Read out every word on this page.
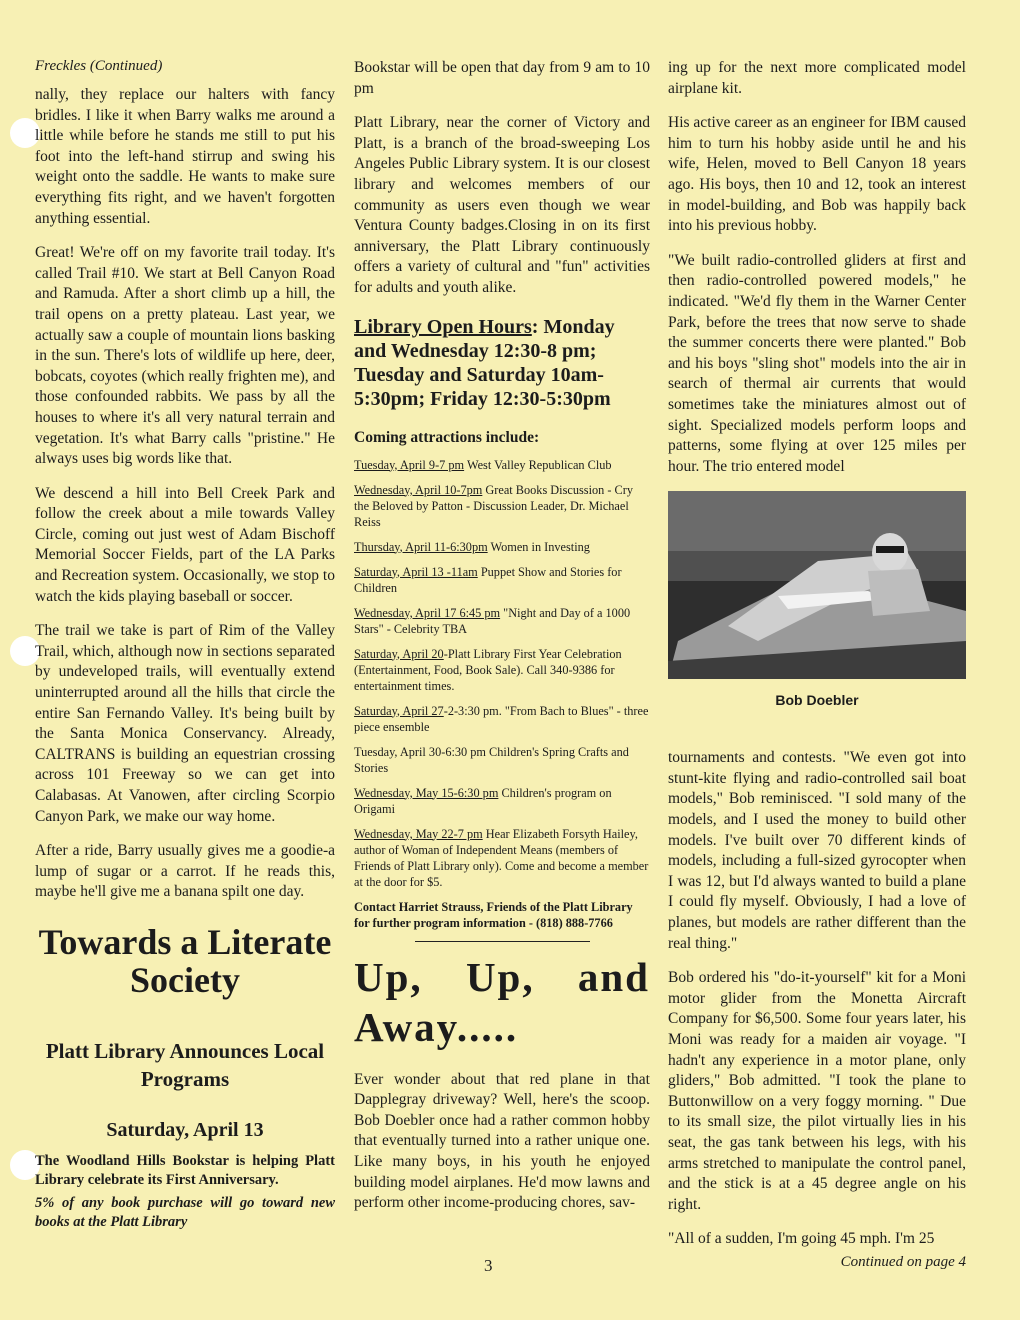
Freckles (Continued)

nally, they replace our halters with fancy bridles. I like it when Barry walks me around a little while before he stands me still to put his foot into the left-hand stirrup and swing his weight onto the saddle. He wants to make sure everything fits right, and we haven't forgotten anything essential.

Great! We're off on my favorite trail today. It's called Trail #10. We start at Bell Canyon Road and Ramuda. After a short climb up a hill, the trail opens on a pretty plateau. Last year, we actually saw a couple of mountain lions basking in the sun. There's lots of wildlife up here, deer, bobcats, coyotes (which really frighten me), and those confounded rabbits. We pass by all the houses to where it's all very natural terrain and vegetation. It's what Barry calls "pristine." He always uses big words like that.

We descend a hill into Bell Creek Park and follow the creek about a mile towards Valley Circle, coming out just west of Adam Bischoff Memorial Soccer Fields, part of the LA Parks and Recreation system. Occasionally, we stop to watch the kids playing baseball or soccer.

The trail we take is part of Rim of the Valley Trail, which, although now in sections separated by undeveloped trails, will eventually extend uninterrupted around all the hills that circle the entire San Fernando Valley. It's being built by the Santa Monica Conservancy. Already, CALTRANS is building an equestrian crossing across 101 Freeway so we can get into Calabasas. At Vanowen, after circling Scorpio Canyon Park, we make our way home.

After a ride, Barry usually gives me a goodie-a lump of sugar or a carrot. If he reads this, maybe he'll give me a banana spilt one day.

Towards a Literate Society
Platt Library Announces Local Programs
Saturday, April 13

The Woodland Hills Bookstar is helping Platt Library celebrate its First Anniversary.

5% of any book purchase will go toward new books at the Platt Library

Bookstar will be open that day from 9 am to 10 pm

Platt Library, near the corner of Victory and Platt, is a branch of the broad-sweeping Los Angeles Public Library system. It is our closest library and welcomes members of our community as users even though we wear Ventura County badges.Closing in on its first anniversary, the Platt Library continuously offers a variety of cultural and "fun" activities for adults and youth alike.

Library Open Hours: Monday and Wednesday 12:30-8 pm; Tuesday and Saturday 10am-5:30pm; Friday 12:30-5:30pm
Coming attractions include:
Tuesday, April 9-7 pm West Valley Republican Club
Wednesday, April 10-7pm Great Books Discussion - Cry the Beloved by Patton - Discussion Leader, Dr. Michael Reiss
Thursday, April 11-6:30pm Women in Investing
Saturday, April 13 -11am Puppet Show and Stories for Children
Wednesday, April 17 6:45 pm "Night and Day of a 1000 Stars" - Celebrity TBA
Saturday, April 20-Platt Library First Year Celebration (Entertainment, Food, Book Sale). Call 340-9386 for entertainment times.
Saturday, April 27-2-3:30 pm. "From Bach to Blues" - three piece ensemble
Tuesday, April 30-6:30 pm Children's Spring Crafts and Stories
Wednesday, May 15-6:30 pm Children's program on Origami
Wednesday, May 22-7 pm Hear Elizabeth Forsyth Hailey, author of Woman of Independent Means (members of Friends of Platt Library only). Come and become a member at the door for $5.
Contact Harriet Strauss, Friends of the Platt Library for further program information - (818) 888-7766
Up, Up, and
Away.....

Ever wonder about that red plane in that Dapplegray driveway? Well, here's the scoop. Bob Doebler once had a rather common hobby that eventually turned into a rather unique one. Like many boys, in his youth he enjoyed building model airplanes. He'd mow lawns and perform other income-producing chores, sav-

ing up for the next more complicated model airplane kit.

His active career as an engineer for IBM caused him to turn his hobby aside until he and his wife, Helen, moved to Bell Canyon 18 years ago. His boys, then 10 and 12, took an interest in model-building, and Bob was happily back into his previous hobby.

"We built radio-controlled gliders at first and then radio-controlled powered models," he indicated. "We'd fly them in the Warner Center Park, before the trees that now serve to shade the summer concerts there were planted." Bob and his boys "sling shot" models into the air in search of thermal air currents that would sometimes take the miniatures almost out of sight. Specialized models perform loops and patterns, some flying at over 125 miles per hour. The trio entered model

Bob Doebler

tournaments and contests. "We even got into stunt-kite flying and radio-controlled sail boat models," Bob reminisced. "I sold many of the models, and I used the money to build other models. I've built over 70 different kinds of models, including a full-sized gyrocopter when I was 12, but I'd always wanted to build a plane I could fly myself. Obviously, I had a love of planes, but models are rather different than the real thing."

Bob ordered his "do-it-yourself" kit for a Moni motor glider from the Monetta Aircraft Company for $6,500. Some four years later, his Moni was ready for a maiden air voyage. "I hadn't any experience in a motor plane, only gliders," Bob admitted. "I took the plane to Buttonwillow on a very foggy morning. " Due to its small size, the pilot virtually lies in his seat, the gas tank between his legs, with his arms stretched to manipulate the control panel, and the stick is at a 45 degree angle on his right.

"All of a sudden, I'm going 45 mph. I'm 25

Continued on page 4
3
